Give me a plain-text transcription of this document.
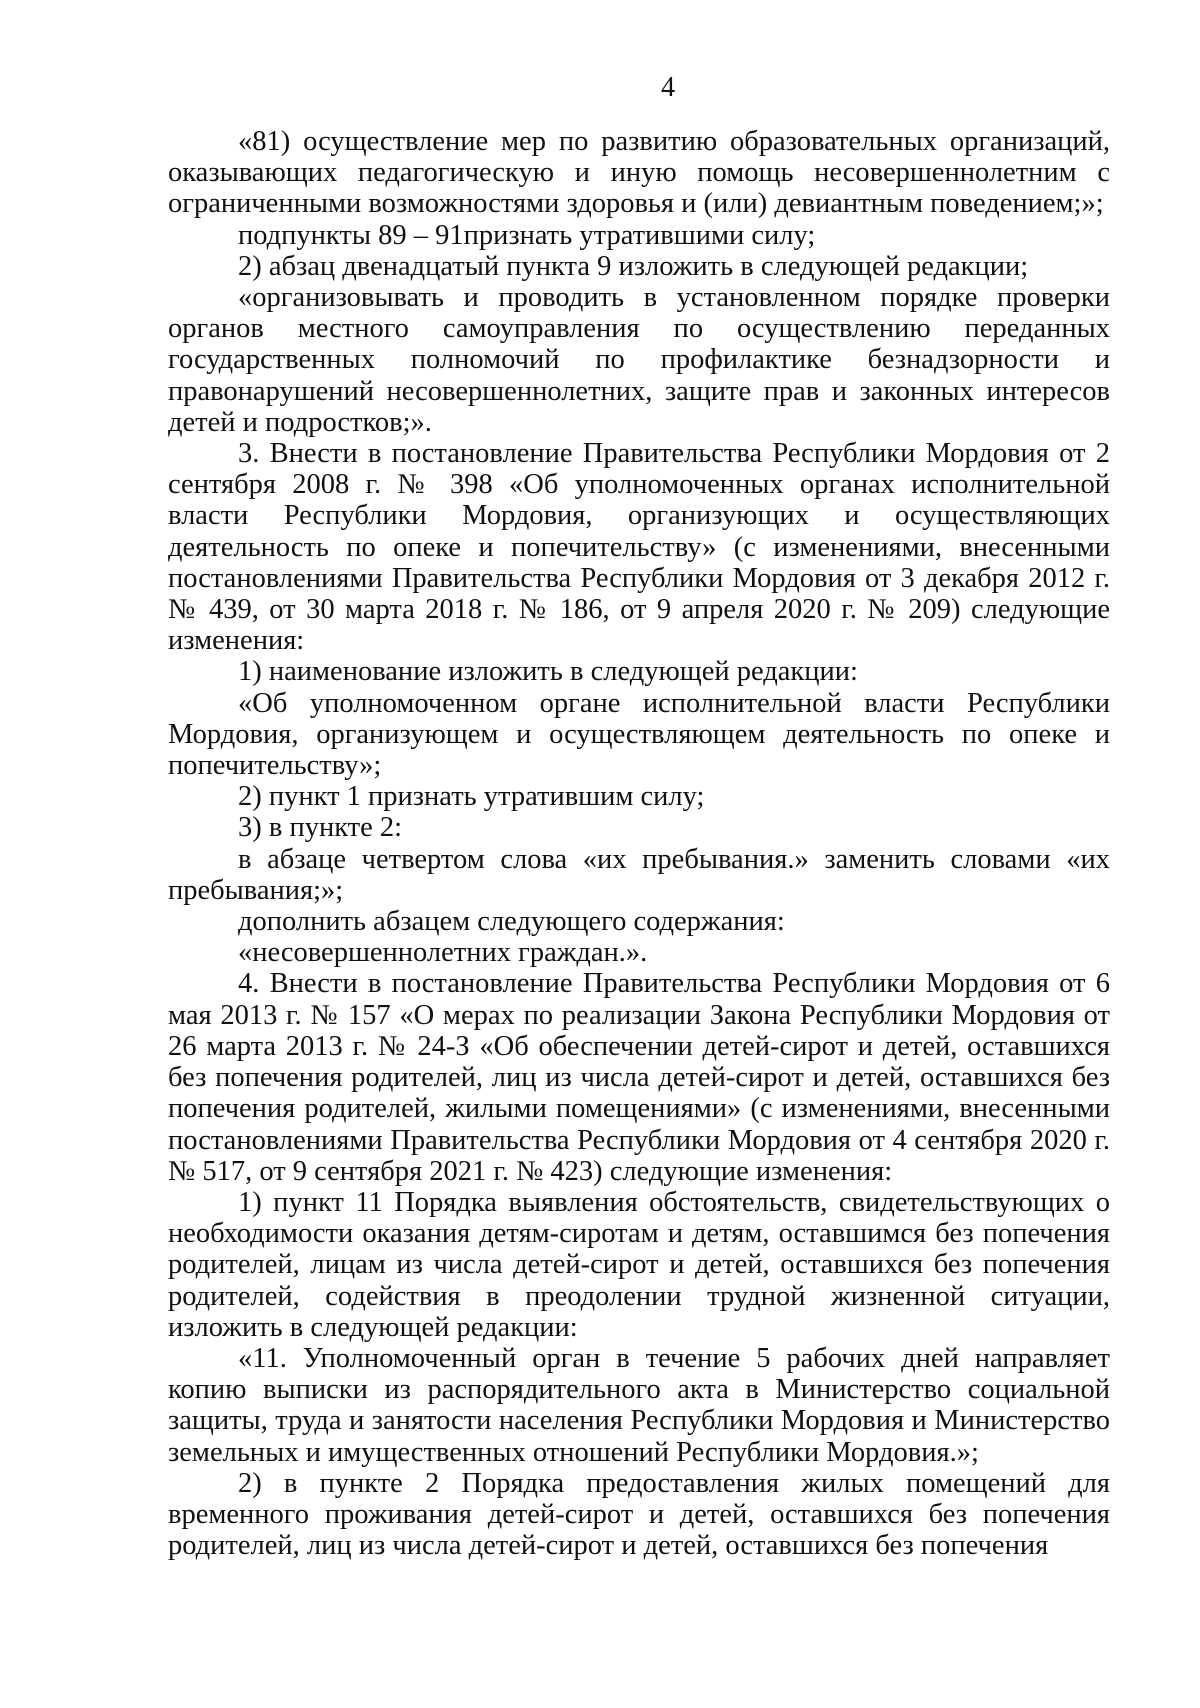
4

«81) осуществление мер по развитию образовательных организаций, оказывающих педагогическую и иную помощь несовершеннолетним с ограниченными возможностями здоровья и (или) девиантным поведением;»;

подпункты 89 – 91признать утратившими силу;

2) абзац двенадцатый пункта 9 изложить в следующей редакции;

«организовывать и проводить в установленном порядке проверки органов местного самоуправления по осуществлению переданных государственных полномочий по профилактике безнадзорности и правонарушений несовершеннолетних, защите прав и законных интересов детей и подростков;».

3. Внести в постановление Правительства Республики Мордовия от 2 сентября 2008 г. № 398 «Об уполномоченных органах исполнительной власти Республики Мордовия, организующих и осуществляющих деятельность по опеке и попечительству» (с изменениями, внесенными постановлениями Правительства Республики Мордовия от 3 декабря 2012 г. № 439, от 30 марта 2018 г. № 186, от 9 апреля 2020 г. № 209) следующие изменения:

1) наименование изложить в следующей редакции:

«Об уполномоченном органе исполнительной власти Республики Мордовия, организующем и осуществляющем деятельность по опеке и попечительству»;

2) пункт 1 признать утратившим силу;

3) в пункте 2:

в абзаце четвертом слова «их пребывания.» заменить словами «их пребывания;»;

дополнить абзацем следующего содержания:

«несовершеннолетних граждан.».

4. Внести в постановление Правительства Республики Мордовия от 6 мая 2013 г. № 157 «О мерах по реализации Закона Республики Мордовия от 26 марта 2013 г. № 24-З «Об обеспечении детей-сирот и детей, оставшихся без попечения родителей, лиц из числа детей-сирот и детей, оставшихся без попечения родителей, жилыми помещениями» (с изменениями, внесенными постановлениями Правительства Республики Мордовия от 4 сентября 2020 г. № 517, от 9 сентября 2021 г. № 423) следующие изменения:

1) пункт 11 Порядка выявления обстоятельств, свидетельствующих о необходимости оказания детям-сиротам и детям, оставшимся без попечения родителей, лицам из числа детей-сирот и детей, оставшихся без попечения родителей, содействия в преодолении трудной жизненной ситуации, изложить в следующей редакции:

«11. Уполномоченный орган в течение 5 рабочих дней направляет копию выписки из распорядительного акта в Министерство социальной защиты, труда и занятости населения Республики Мордовия и Министерство земельных и имущественных отношений Республики Мордовия.»;

2) в пункте 2 Порядка предоставления жилых помещений для временного проживания детей-сирот и детей, оставшихся без попечения родителей, лиц из числа детей-сирот и детей, оставшихся без попечения
